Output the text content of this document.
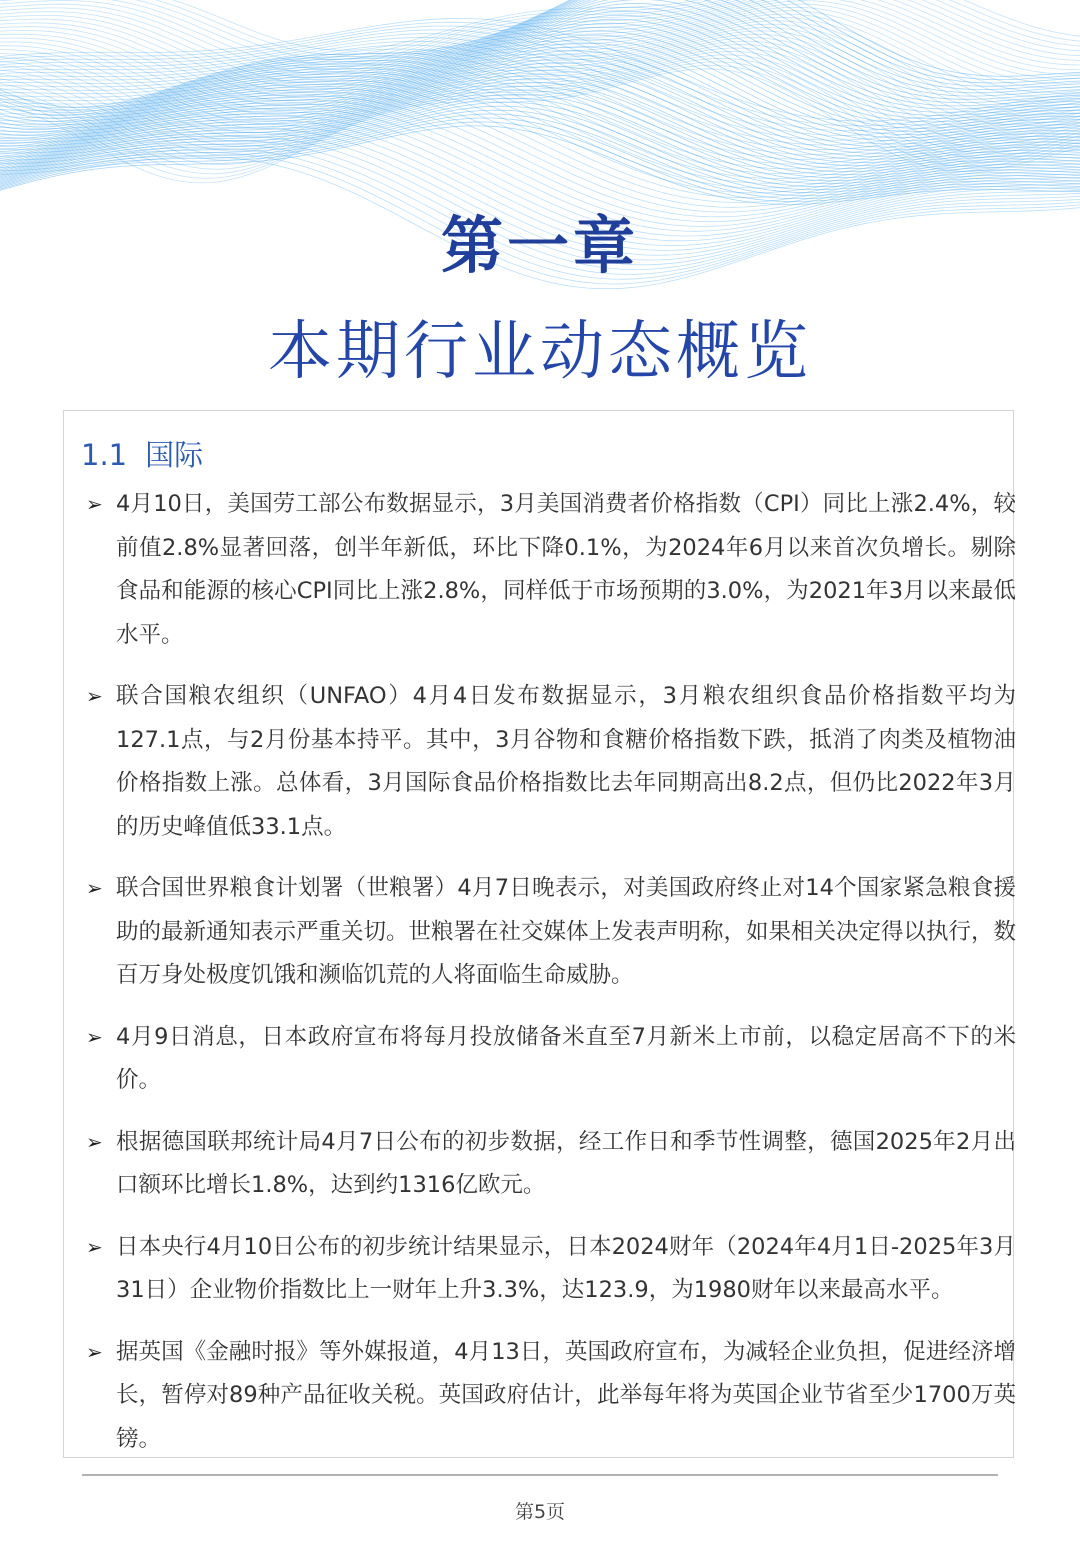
第一章
本期行业动态概览
1.1 国际
➢ 4月10日，美国劳工部公布数据显示，3月美国消费者价格指数（CPI）同比上涨2.4%，较前值2.8%显著回落，创半年新低，环比下降0.1%，为2024年6月以来首次负增长。剔除食品和能源的核心CPI同比上涨2.8%，同样低于市场预期的3.0%，为2021年3月以来最低水平。
➢ 联合国粮农组织（UNFAO）4月4日发布数据显示，3月粮农组织食品价格指数平均为127.1点，与2月份基本持平。其中，3月谷物和食糖价格指数下跌，抵消了肉类及植物油价格指数上涨。总体看，3月国际食品价格指数比去年同期高出8.2点，但仍比2022年3月的历史峰值低33.1点。
➢ 联合国世界粮食计划署（世粮署）4月7日晚表示，对美国政府终止对14个国家紧急粮食援助的最新通知表示严重关切。世粮署在社交媒体上发表声明称，如果相关决定得以执行，数百万身处极度饥饿和濒临饥荒的人将面临生命威胁。
➢ 4月9日消息，日本政府宣布将每月投放储备米直至7月新米上市前，以稳定居高不下的米价。
➢ 根据德国联邦统计局4月7日公布的初步数据，经工作日和季节性调整，德国2025年2月出口额环比增长1.8%，达到约1316亿欧元。
➢ 日本央行4月10日公布的初步统计结果显示，日本2024财年（2024年4月1日-2025年3月31日）企业物价指数比上一财年上升3.3%，达123.9，为1980财年以来最高水平。
➢ 据英国《金融时报》等外媒报道，4月13日，英国政府宣布，为减轻企业负担，促进经济增长，暂停对89种产品征收关税。英国政府估计，此举每年将为英国企业节省至少1700万英镑。
第5页
